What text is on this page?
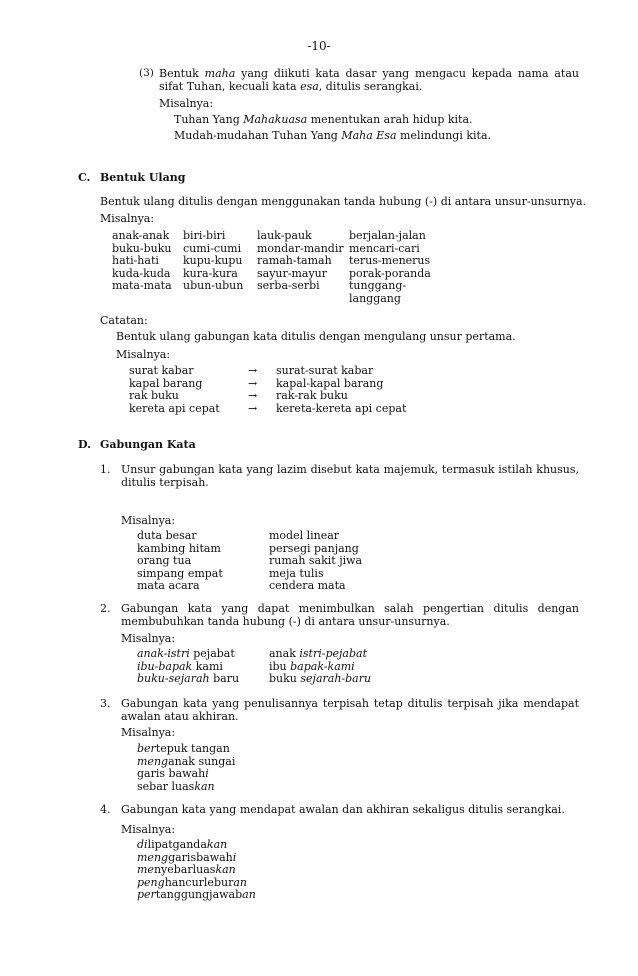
-10-
(3) Bentuk maha yang diikuti kata dasar yang mengacu kepada nama atau sifat Tuhan, kecuali kata esa, ditulis serangkai.
Misalnya:
Tuhan Yang Mahakuasa menentukan arah hidup kita.
Mudah-mudahan Tuhan Yang Maha Esa melindungi kita.
C. Bentuk Ulang
Bentuk ulang ditulis dengan menggunakan tanda hubung (-) di antara unsur-unsurnya.
Misalnya:
anak-anak
buku-buku
hati-hati
kuda-kuda
mata-mata
biri-biri
cumi-cumi
kupu-kupu
kura-kura
ubun-ubun
lauk-pauk
mondar-mandir
ramah-tamah
sayur-mayur
serba-serbi
berjalan-jalan
mencari-cari
terus-menerus
porak-poranda
tunggang-
langgang
Catatan:
Bentuk ulang gabungan kata ditulis dengan mengulang unsur pertama.
Misalnya:
surat kabar
kapal barang
rak buku
kereta api cepat
→
→
→
→
surat-surat kabar
kapal-kapal barang
rak-rak buku
kereta-kereta api cepat
D. Gabungan Kata
1. Unsur gabungan kata yang lazim disebut kata majemuk, termasuk istilah khusus, ditulis terpisah.
Misalnya:
duta besar
kambing hitam
orang tua
simpang empat
mata acara
model linear
persegi panjang
rumah sakit jiwa
meja tulis
cendera mata
2. Gabungan kata yang dapat menimbulkan salah pengertian ditulis dengan membubuhkan tanda hubung (-) di antara unsur-unsurnya.
Misalnya:
anak-istri pejabat
ibu-bapak kami
buku-sejarah baru
anak istri-pejabat
ibu bapak-kami
buku sejarah-baru
3. Gabungan kata yang penulisannya terpisah tetap ditulis terpisah jika mendapat awalan atau akhiran.
Misalnya:
bertepuk tangan
menganak sungai
garis bawahi
sebar luaskan
4. Gabungan kata yang mendapat awalan dan akhiran sekaligus ditulis serangkai.
Misalnya:
dilipatgandakan
menggarisbawahi
menyebarluaskan
penghancurleburan
pertanggungjawaban
